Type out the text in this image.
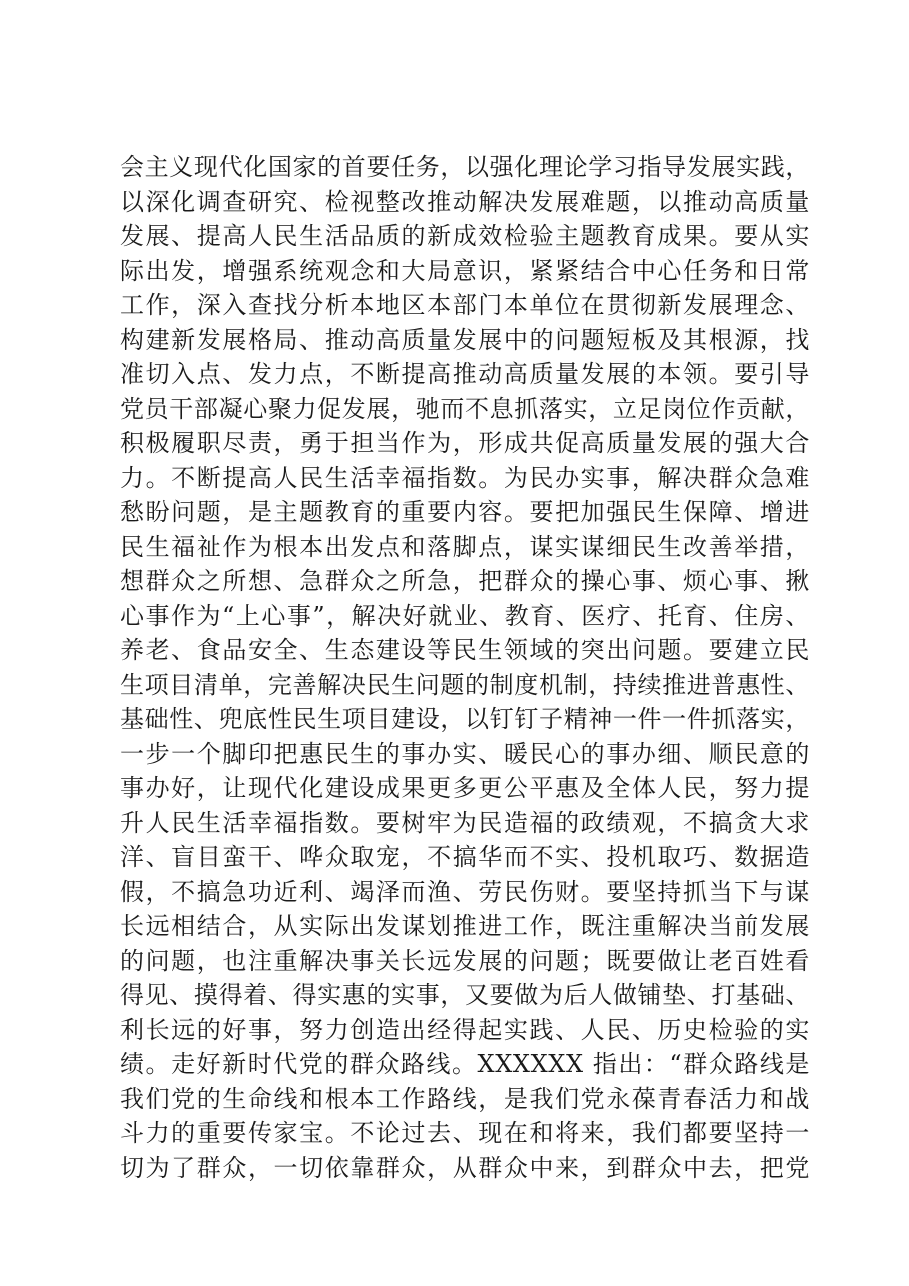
会主义现代化国家的首要任务，以强化理论学习指导发展实践，
以深化调查研究、检视整改推动解决发展难题，以推动高质量
发展、提高人民生活品质的新成效检验主题教育成果。要从实
际出发，增强系统观念和大局意识，紧紧结合中心任务和日常
工作，深入查找分析本地区本部门本单位在贯彻新发展理念、
构建新发展格局、推动高质量发展中的问题短板及其根源，找
准切入点、发力点，不断提高推动高质量发展的本领。要引导
党员干部凝心聚力促发展，驰而不息抓落实，立足岗位作贡献，
积极履职尽责，勇于担当作为，形成共促高质量发展的强大合
力。不断提高人民生活幸福指数。为民办实事，解决群众急难
愁盼问题，是主题教育的重要内容。要把加强民生保障、增进
民生福祉作为根本出发点和落脚点，谋实谋细民生改善举措，
想群众之所想、急群众之所急，把群众的操心事、烦心事、揪
心事作为“上心事”，解决好就业、教育、医疗、托育、住房、
养老、食品安全、生态建设等民生领域的突出问题。要建立民
生项目清单，完善解决民生问题的制度机制，持续推进普惠性、
基础性、兜底性民生项目建设，以钉钉子精神一件一件抓落实，
一步一个脚印把惠民生的事办实、暖民心的事办细、顺民意的
事办好，让现代化建设成果更多更公平惠及全体人民，努力提
升人民生活幸福指数。要树牢为民造福的政绩观，不搞贪大求
洋、盲目蛮干、哗众取宠，不搞华而不实、投机取巧、数据造
假，不搞急功近利、竭泽而渔、劳民伤财。要坚持抓当下与谋
长远相结合，从实际出发谋划推进工作，既注重解决当前发展
的问题，也注重解决事关长远发展的问题；既要做让老百姓看
得见、摸得着、得实惠的实事，又要做为后人做铺垫、打基础、
利长远的好事，努力创造出经得起实践、人民、历史检验的实
绩。走好新时代党的群众路线。XXXXXX 指出：“群众路线是
我们党的生命线和根本工作路线，是我们党永葆青春活力和战
斗力的重要传家宝。不论过去、现在和将来，我们都要坚持一
切为了群众，一切依靠群众，从群众中来，到群众中去，把党
